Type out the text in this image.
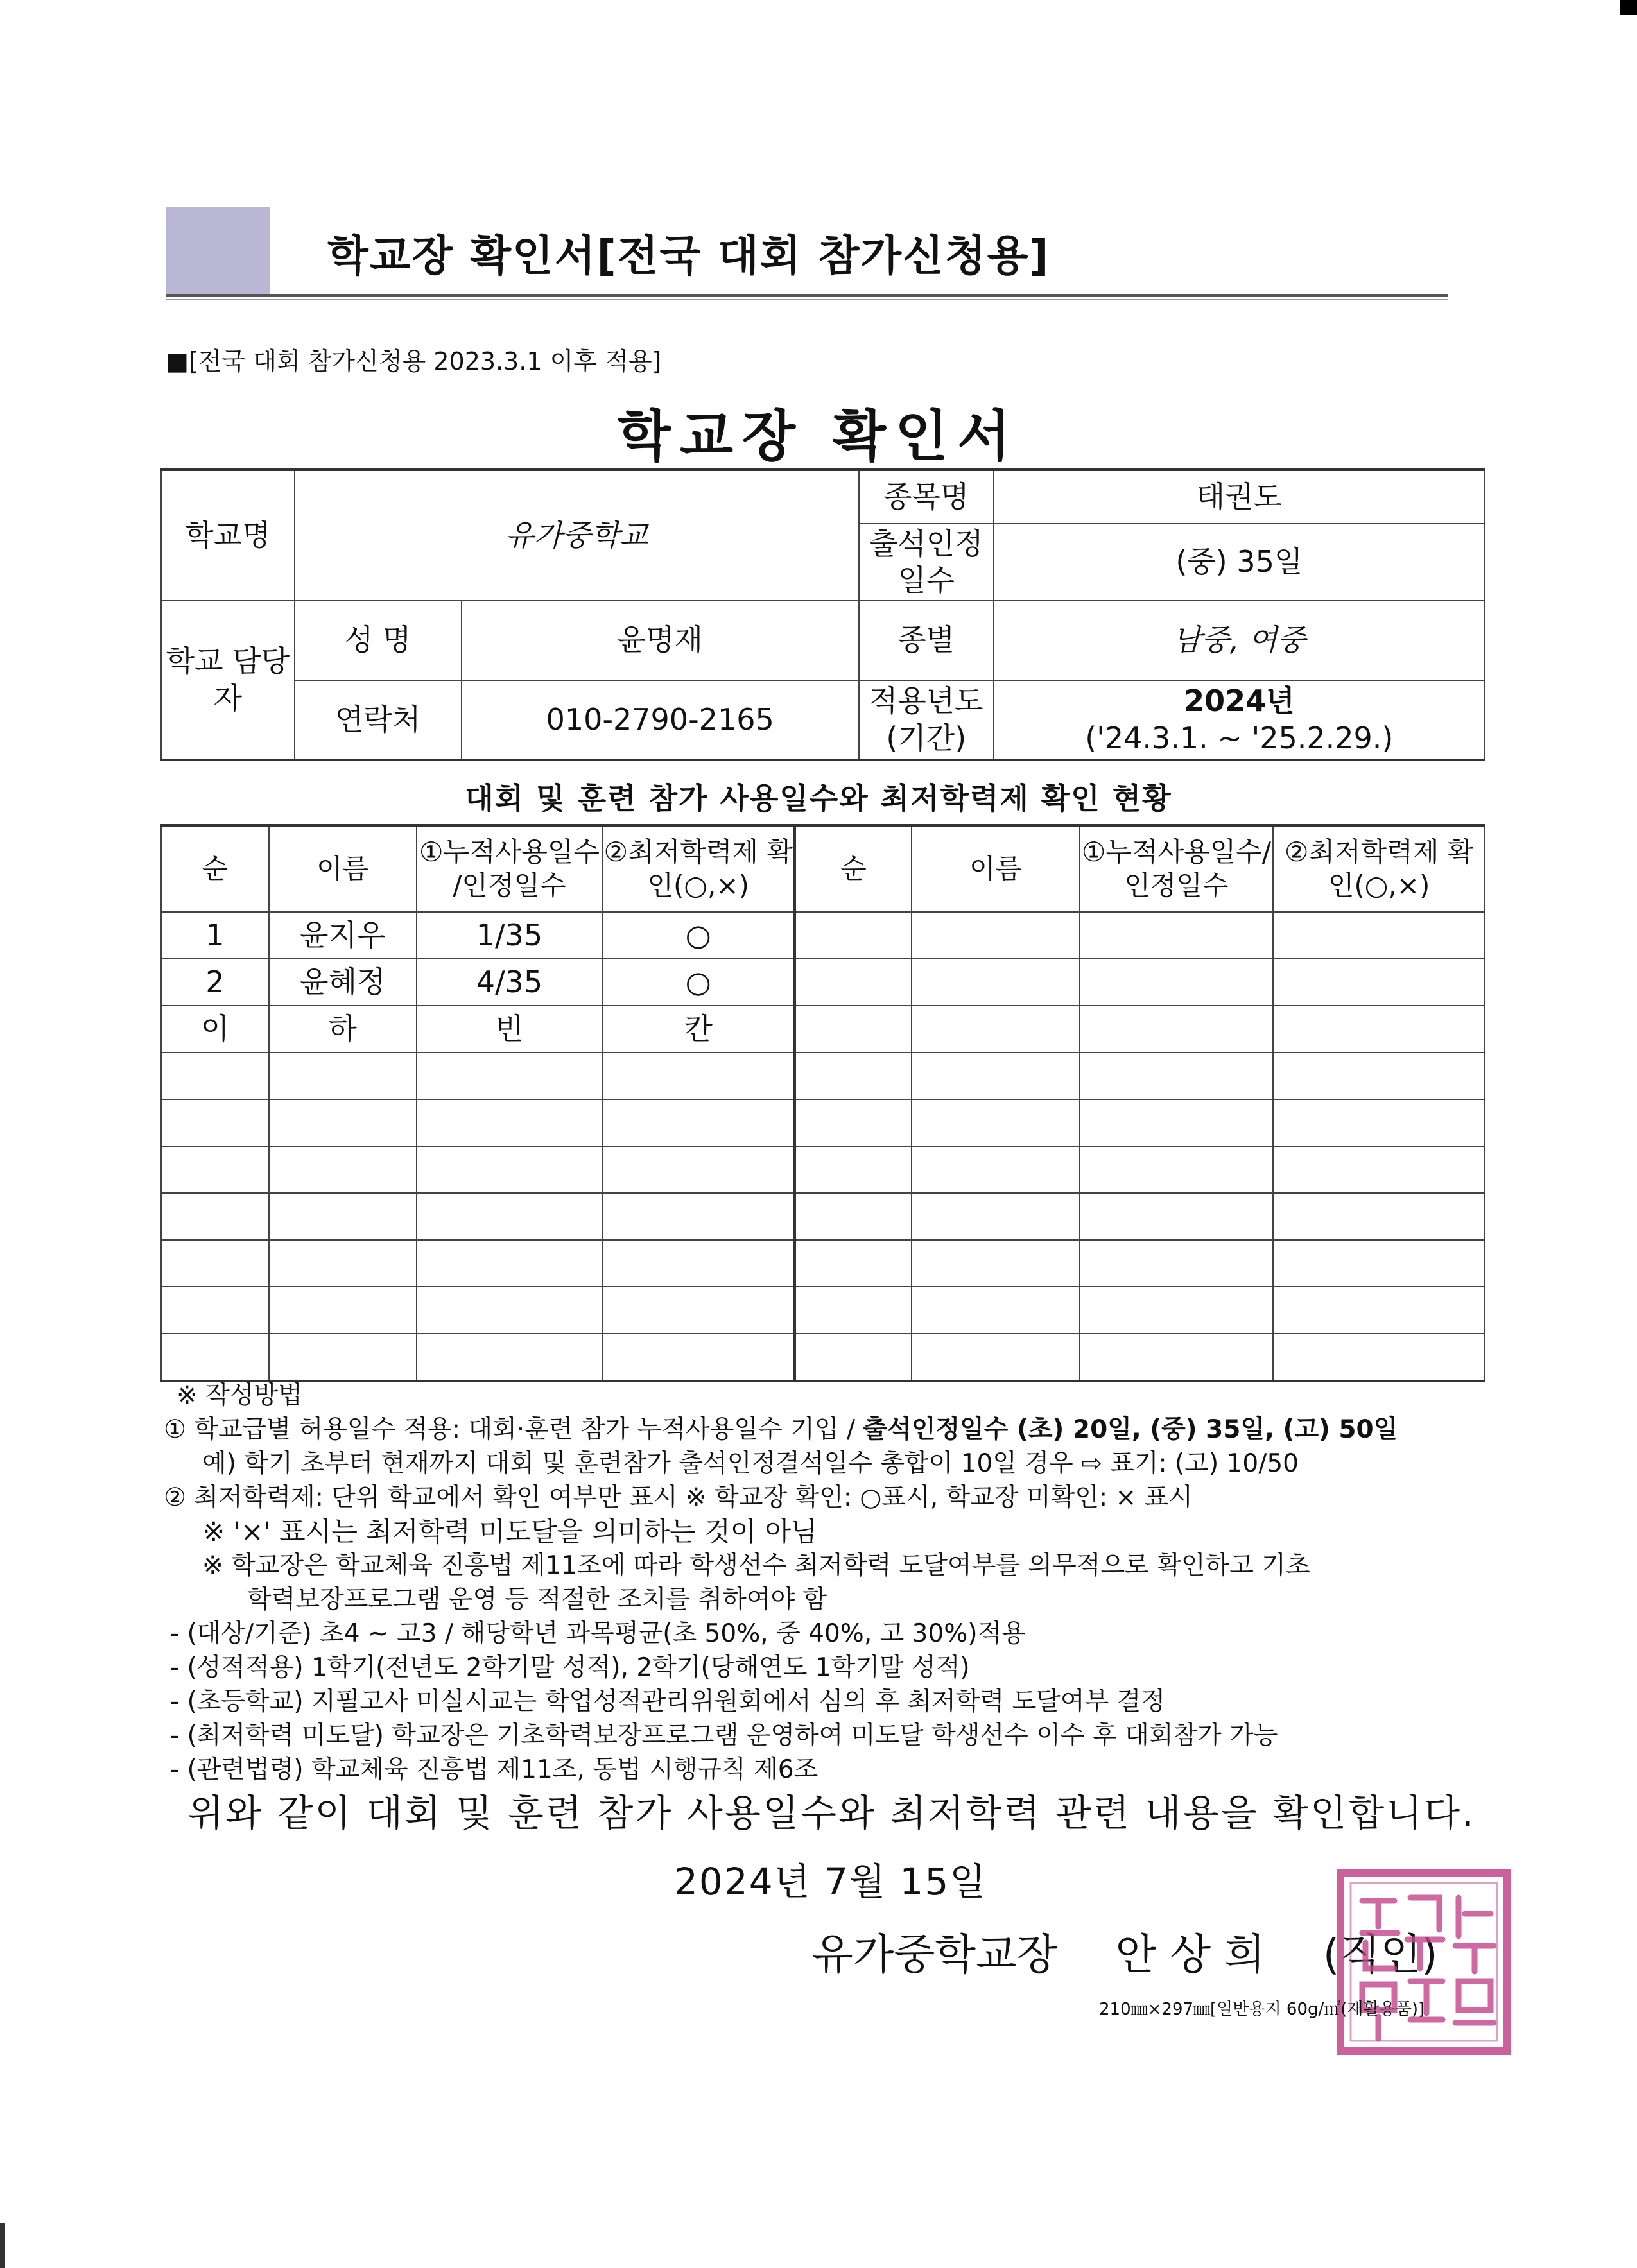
학교장 확인서[전국 대회 참가신청용]
■[전국 대회 참가신청용 2023.3.1 이후 적용]
학교장 확인서
학교명	유가중학교		종목명	태권도
			출석인정 일수	(중) 35일
학교 담당자	성 명	윤명재	종별	남중, 여중
	연락처	010-2790-2165	적용년도 (기간)	2024년
('24.3.1. ~ '25.2.29.)
대회 및 훈련 참가 사용일수와 최저학력제 확인 현황
순	이름	①누적사용일수 /인정일수	②최저학력제 확인(○,×)	순	이름	①누적사용일수/ 인정일수	②최저학력제 확인(○,×)
1	윤지우	1/35	○				
2	윤혜정	4/35	○				
이	하	빈	칸				

※ 작성방법
① 학교급별 허용일수 적용: 대회·훈련 참가 누적사용일수 기입 / 출석인정일수 (초) 20일, (중) 35일, (고) 50일
예) 학기 초부터 현재까지 대회 및 훈련참가 출석인정결석일수 총합이 10일 경우 ⇨ 표기: (고) 10/50
② 최저학력제: 단위 학교에서 확인 여부만 표시 ※ 학교장 확인: ○표시, 학교장 미확인: × 표시
※ '×' 표시는 최저학력 미도달을 의미하는 것이 아님
※ 학교장은 학교체육 진흥법 제11조에 따라 학생선수 최저학력 도달여부를 의무적으로 확인하고 기초
학력보장프로그램 운영 등 적절한 조치를 취하여야 함
- (대상/기준) 초4 ~ 고3 / 해당학년 과목평균(초 50%, 중 40%, 고 30%)적용
- (성적적용) 1학기(전년도 2학기말 성적), 2학기(당해연도 1학기말 성적)
- (초등학교) 지필고사 미실시교는 학업성적관리위원회에서 심의 후 최저학력 도달여부 결정
- (최저학력 미도달) 학교장은 기초학력보장프로그램 운영하여 미도달 학생선수 이수 후 대회참가 가능
- (관련법령) 학교체육 진흥법 제11조, 동법 시행규칙 제6조
위와 같이 대회 및 훈련 참가 사용일수와 최저학력 관련 내용을 확인합니다.
2024년 7월 15일
유가중학교장 안 상 희 (직인)
210㎜×297㎜[일반용지 60g/㎡(재활용품)]
